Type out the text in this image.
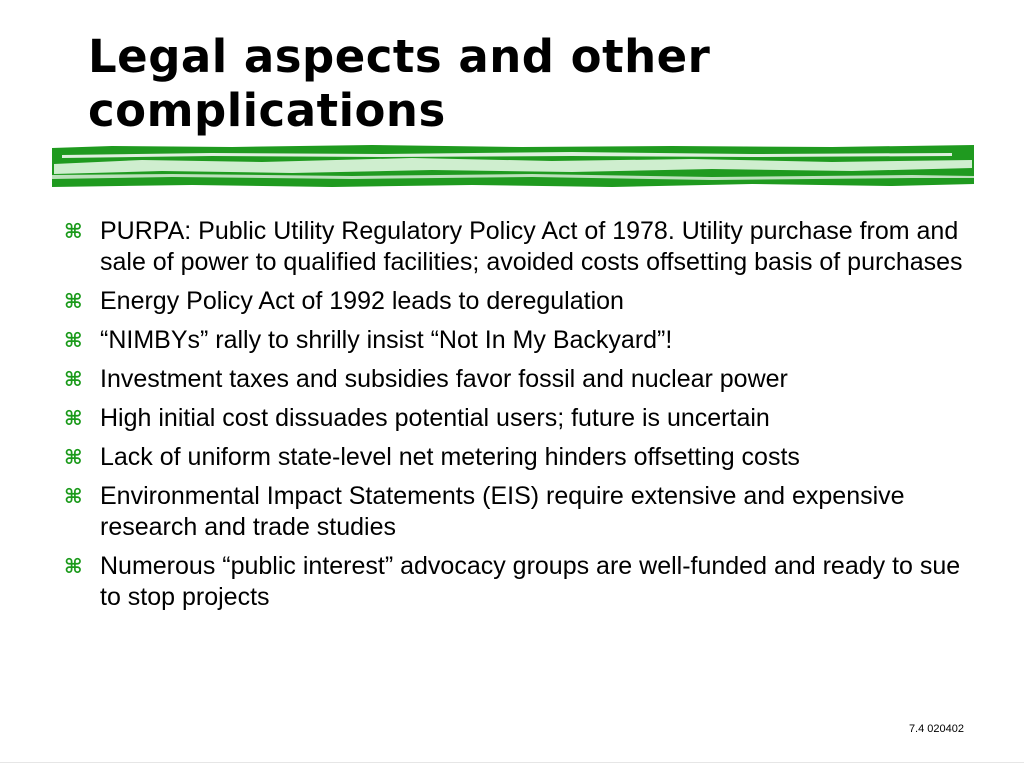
Legal aspects and other complications
⌘ PURPA: Public Utility Regulatory Policy Act of 1978. Utility purchase from and sale of power to qualified facilities; avoided costs offsetting basis of purchases
⌘ Energy Policy Act of 1992 leads to deregulation
⌘ “NIMBYs” rally to shrilly insist “Not In My Backyard”!
⌘ Investment taxes and subsidies favor fossil and nuclear power
⌘ High initial cost dissuades potential users; future is uncertain
⌘ Lack of uniform state-level net metering hinders offsetting costs
⌘ Environmental Impact Statements (EIS) require extensive and expensive research and trade studies
⌘ Numerous “public interest” advocacy groups are well-funded and ready to sue to stop projects
7.4 020402
